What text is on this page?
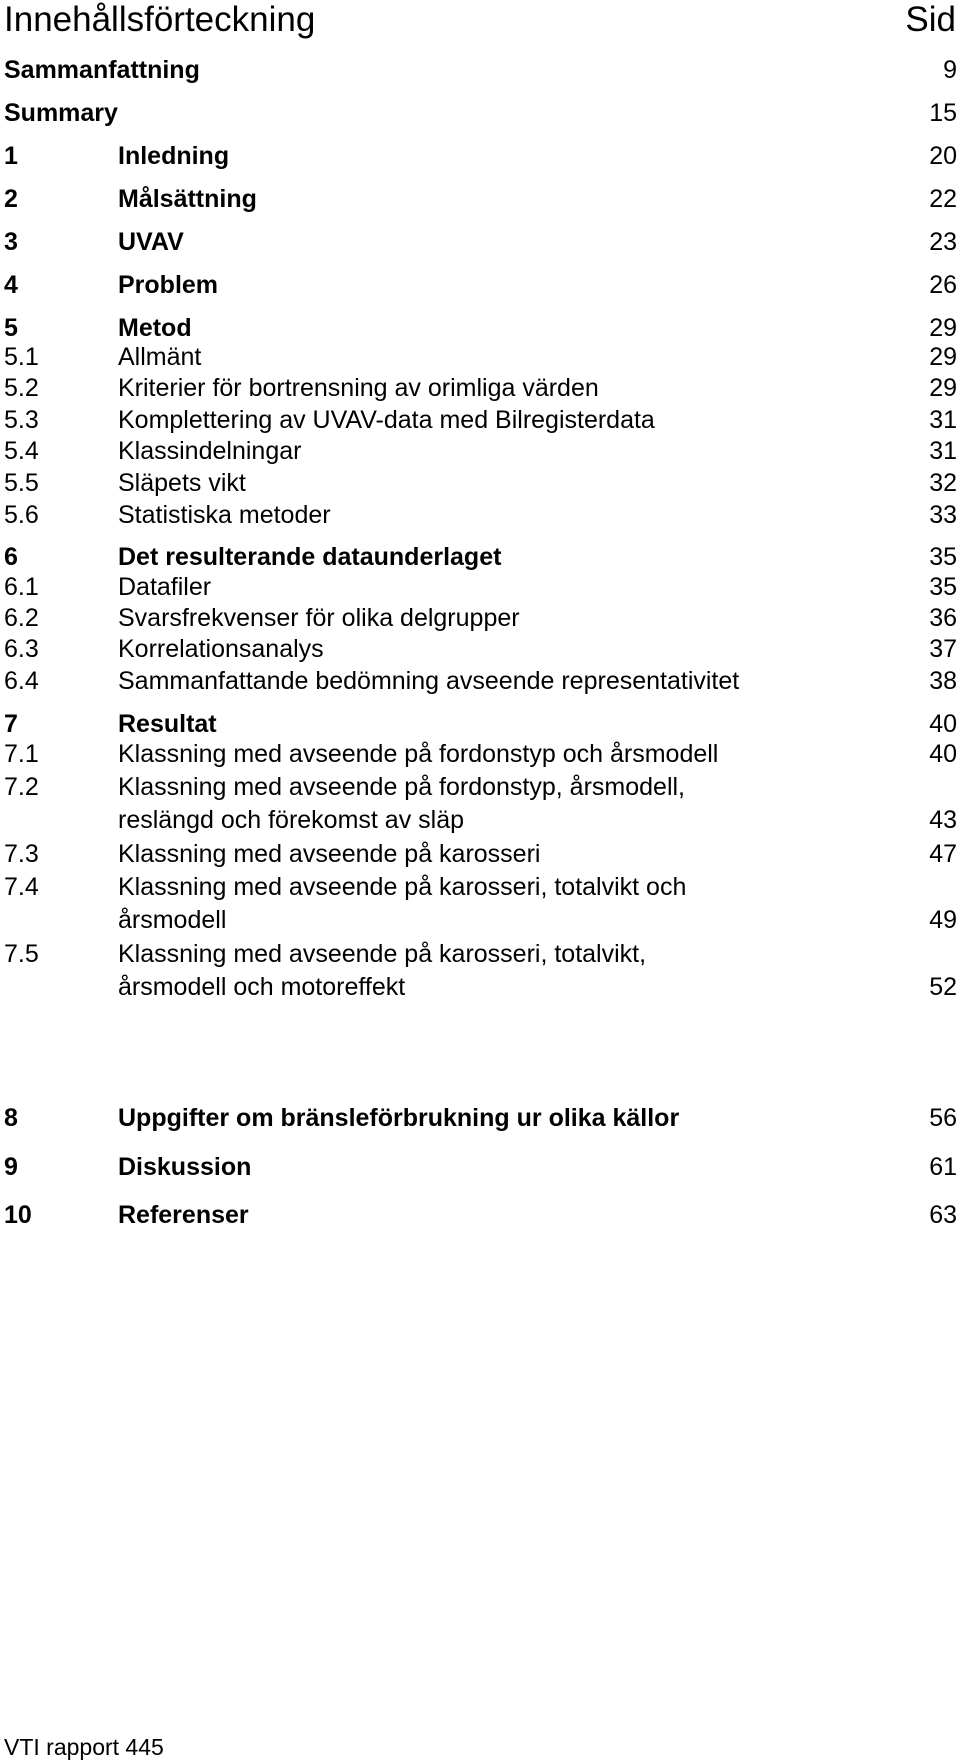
Innehållsförteckning	Sid
Sammanfattning	9
Summary	15
1	Inledning	20
2	Målsättning	22
3	UVAV	23
4	Problem	26
5	Metod	29
5.1	Allmänt	29
5.2	Kriterier för bortrensning av orimliga värden	29
5.3	Komplettering av UVAV-data med Bilregisterdata	31
5.4	Klassindelningar	31
5.5	Släpets vikt	32
5.6	Statistiska metoder	33
6	Det resulterande dataunderlaget	35
6.1	Datafiler	35
6.2	Svarsfrekvenser för olika delgrupper	36
6.3	Korrelationsanalys	37
6.4	Sammanfattande bedömning avseende representativitet	38
7	Resultat	40
7.1	Klassning med avseende på fordonstyp och årsmodell	40
7.2	Klassning med avseende på fordonstyp, årsmodell,
reslängd och förekomst av släp	43
7.3	Klassning med avseende på karosseri	47
7.4	Klassning med avseende på karosseri, totalvikt och
årsmodell	49
7.5	Klassning med avseende på karosseri, totalvikt,
årsmodell och motoreffekt	52
8	Uppgifter om bränsleförbrukning ur olika källor	56
9	Diskussion	61
10	Referenser	63
VTI rapport 445
